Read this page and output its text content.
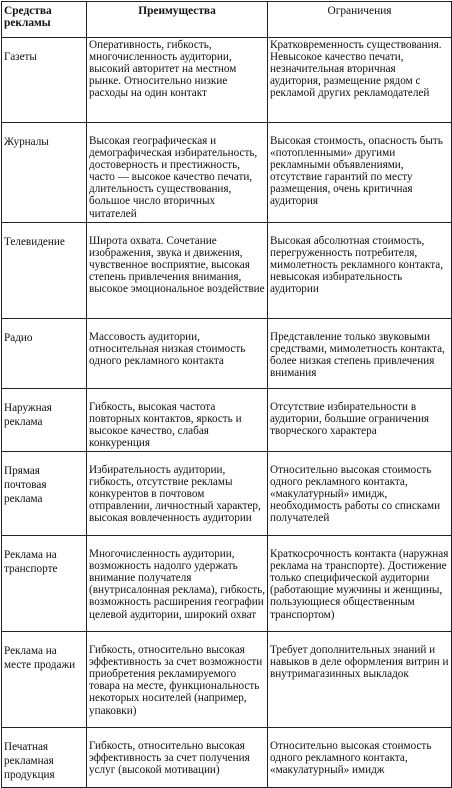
Средства рекламы	Преимущества	Ограничения
Газеты	Оперативность, гибкость, многочисленность аудитории, высокий авторитет на местном рынке. Относительно низкие расходы на один контакт	Кратковременность существования. Невысокое качество печати, незначительная вторичная аудитория, размещение рядом с рекламой других рекламодателей
Журналы	Высокая географическая и демографическая избирательность, достоверность и престижность, часто — высокое качество печати, длительность существования, большое число вторичных читателей	Высокая стоимость, опасность быть «потопленными» другими рекламными объявлениями, отсутствие гарантий по месту размещения, очень критичная аудитория
Телевидение	Широта охвата. Сочетание изображения, звука и движения, чувственное восприятие, высокая степень привлечения внимания, высокое эмоциональное воздействие	Высокая абсолютная стоимость, перегруженность потребителя, мимолетность рекламного контакта, невысокая избирательность аудитории
Радио	Массовость аудитории, относительная низкая стоимость одного рекламного контакта	Представление только звуковыми средствами, мимолетность контакта, более низкая степень привлечения внимания
Наружная реклама	Гибкость, высокая частота повторных контактов, яркость и высокое качество, слабая конкуренция	Отсутствие избирательности в аудитории, большие ограничения творческого характера
Прямая почтовая реклама	Избирательность аудитории, гибкость, отсутствие рекламы конкурентов в почтовом отправлении, личностный характер, высокая вовлеченность аудитории	Относительно высокая стоимость одного рекламного контакта, «макулатурный» имидж, необходимость работы со списками получателей
Реклама на транспорте	Многочисленность аудитории, возможность надолго удержать внимание получателя (внутрисалонная реклама), гибкость, возможность расширения географии целевой аудитории, широкий охват	Краткосрочность контакта (наружная реклама на транспорте). Достижение только специфической аудитории (работающие мужчины и женщины, пользующиеся общественным транспортом)
Реклама на месте продажи	Гибкость, относительно высокая эффективность за счет возможности приобретения рекламируемого товара на месте, функциональность некоторых носителей (например, упаковки)	Требует дополнительных знаний и навыков в деле оформления витрин и внутримагазинных выкладок
Печатная рекламная продукция	Гибкость, относительно высокая эффективность за счет получения услуг (высокой мотивации)	Относительно высокая стоимость одного рекламного контакта, «макулатурный» имидж
